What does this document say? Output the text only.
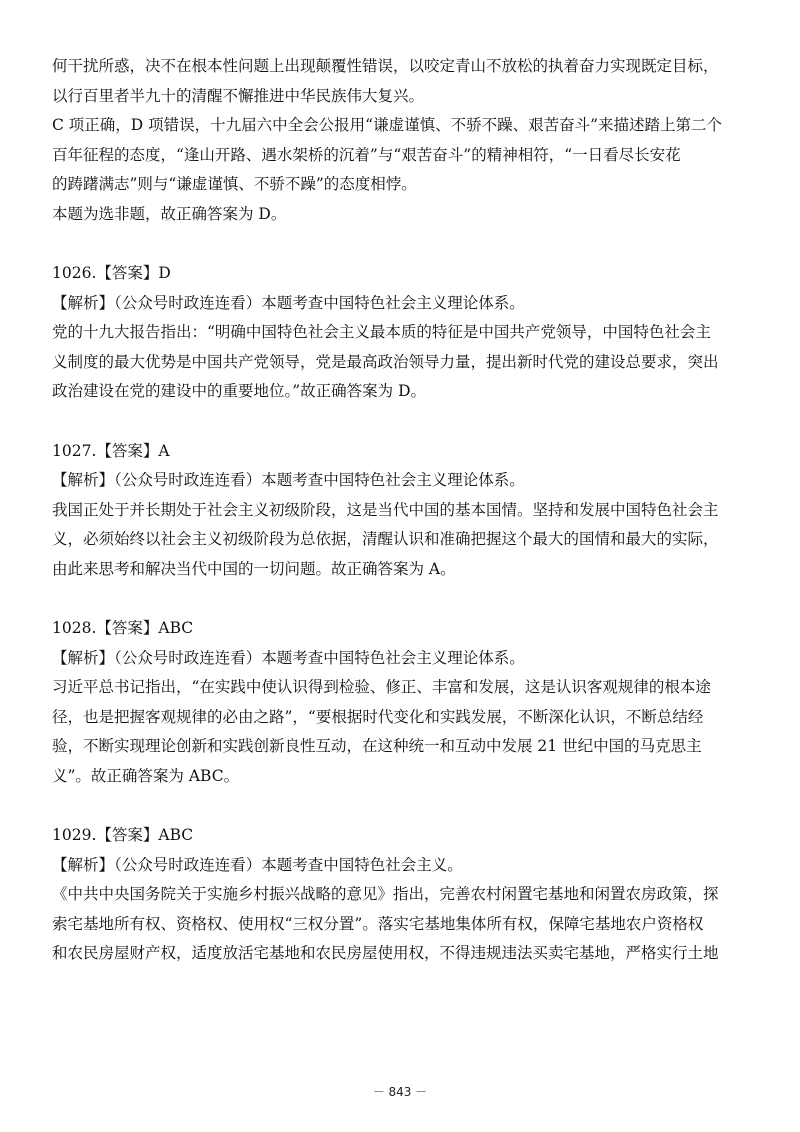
何干扰所惑，决不在根本性问题上出现颠覆性错误，以咬定青山不放松的执着奋力实现既定目标，

以行百里者半九十的清醒不懈推进中华民族伟大复兴。

C 项正确，D 项错误，十九届六中全会公报用“谦虚谨慎、不骄不躁、艰苦奋斗”来描述踏上第二个

百年征程的态度，“逢山开路、遇水架桥的沉着”与“艰苦奋斗”的精神相符，“一日看尽长安花

的踌躇满志”则与“谦虚谨慎、不骄不躁”的态度相悖。

本题为选非题，故正确答案为 D。

1026.【答案】D

【解析】（公众号时政连连看）本题考查中国特色社会主义理论体系。

党的十九大报告指出：“明确中国特色社会主义最本质的特征是中国共产党领导，中国特色社会主

义制度的最大优势是中国共产党领导，党是最高政治领导力量，提出新时代党的建设总要求，突出

政治建设在党的建设中的重要地位。”故正确答案为 D。

1027.【答案】A

【解析】（公众号时政连连看）本题考查中国特色社会主义理论体系。

我国正处于并长期处于社会主义初级阶段，这是当代中国的基本国情。坚持和发展中国特色社会主

义，必须始终以社会主义初级阶段为总依据，清醒认识和准确把握这个最大的国情和最大的实际，

由此来思考和解决当代中国的一切问题。故正确答案为 A。

1028.【答案】ABC

【解析】（公众号时政连连看）本题考查中国特色社会主义理论体系。

习近平总书记指出，“在实践中使认识得到检验、修正、丰富和发展，这是认识客观规律的根本途

径，也是把握客观规律的必由之路”，“要根据时代变化和实践发展，不断深化认识，不断总结经

验，不断实现理论创新和实践创新良性互动，在这种统一和互动中发展 21 世纪中国的马克思主

义”。故正确答案为 ABC。

1029.【答案】ABC

【解析】（公众号时政连连看）本题考查中国特色社会主义。

《中共中央国务院关于实施乡村振兴战略的意见》指出，完善农村闲置宅基地和闲置农房政策，探

索宅基地所有权、资格权、使用权“三权分置”。落实宅基地集体所有权，保障宅基地农户资格权

和农民房屋财产权，适度放活宅基地和农民房屋使用权，不得违规违法买卖宅基地，严格实行土地

－ 843 －
